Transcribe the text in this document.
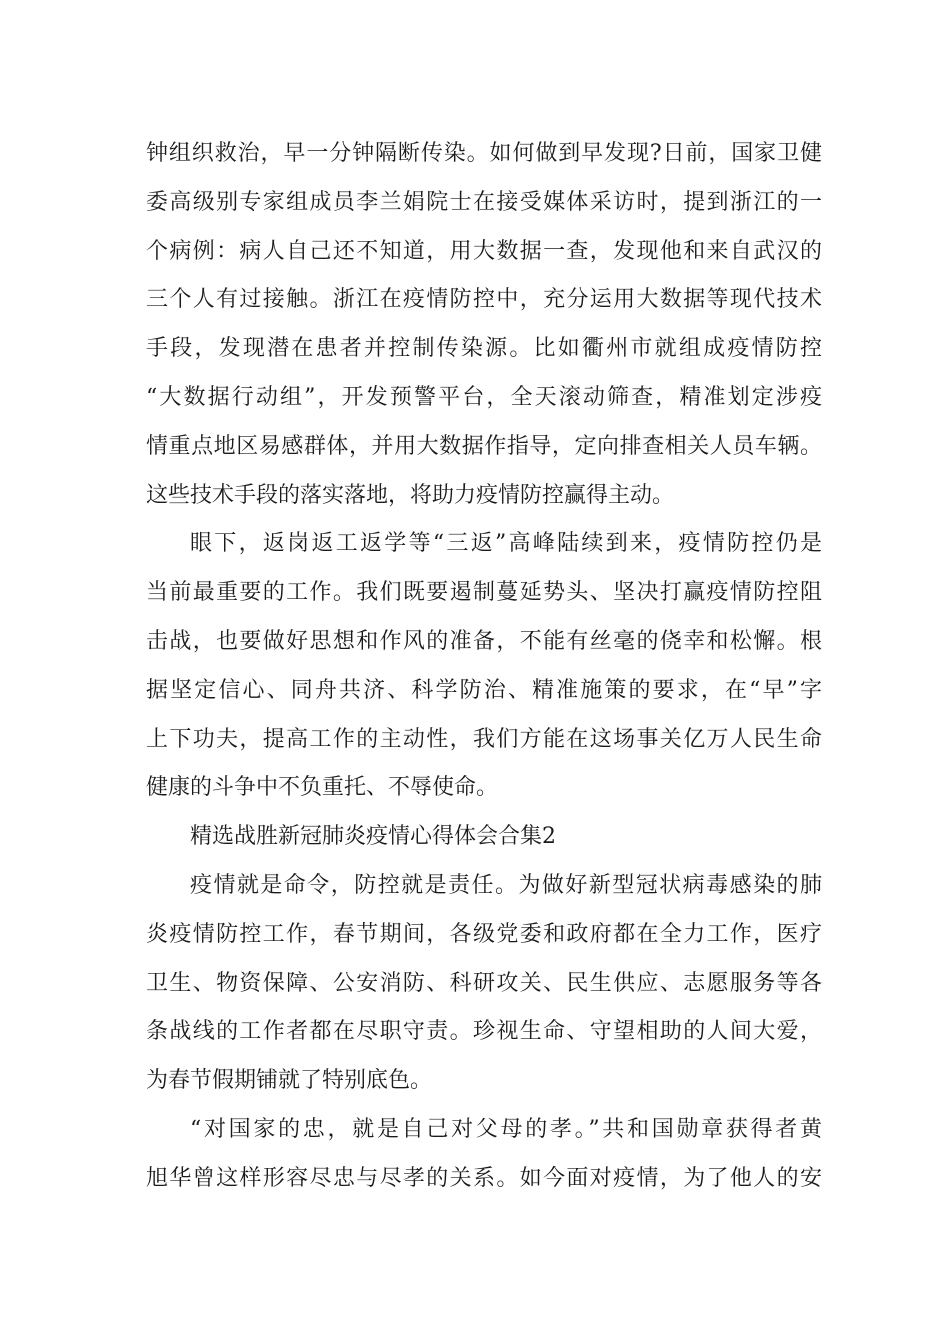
钟组织救治，早一分钟隔断传染。如何做到早发现?日前，国家卫健
委高级别专家组成员李兰娟院士在接受媒体采访时，提到浙江的一
个病例：病人自己还不知道，用大数据一查，发现他和来自武汉的
三个人有过接触。浙江在疫情防控中，充分运用大数据等现代技术
手段，发现潜在患者并控制传染源。比如衢州市就组成疫情防控
“大数据行动组”，开发预警平台，全天滚动筛查，精准划定涉疫
情重点地区易感群体，并用大数据作指导，定向排查相关人员车辆。
这些技术手段的落实落地，将助力疫情防控赢得主动。
眼下，返岗返工返学等“三返”高峰陆续到来，疫情防控仍是
当前最重要的工作。我们既要遏制蔓延势头、坚决打赢疫情防控阻
击战，也要做好思想和作风的准备，不能有丝毫的侥幸和松懈。根
据坚定信心、同舟共济、科学防治、精准施策的要求，在“早”字
上下功夫，提高工作的主动性，我们方能在这场事关亿万人民生命
健康的斗争中不负重托、不辱使命。
精选战胜新冠肺炎疫情心得体会合集2
疫情就是命令，防控就是责任。为做好新型冠状病毒感染的肺
炎疫情防控工作，春节期间，各级党委和政府都在全力工作，医疗
卫生、物资保障、公安消防、科研攻关、民生供应、志愿服务等各
条战线的工作者都在尽职守责。珍视生命、守望相助的人间大爱，
为春节假期铺就了特别底色。
“对国家的忠，就是自己对父母的孝。”共和国勋章获得者黄
旭华曾这样形容尽忠与尽孝的关系。如今面对疫情，为了他人的安
